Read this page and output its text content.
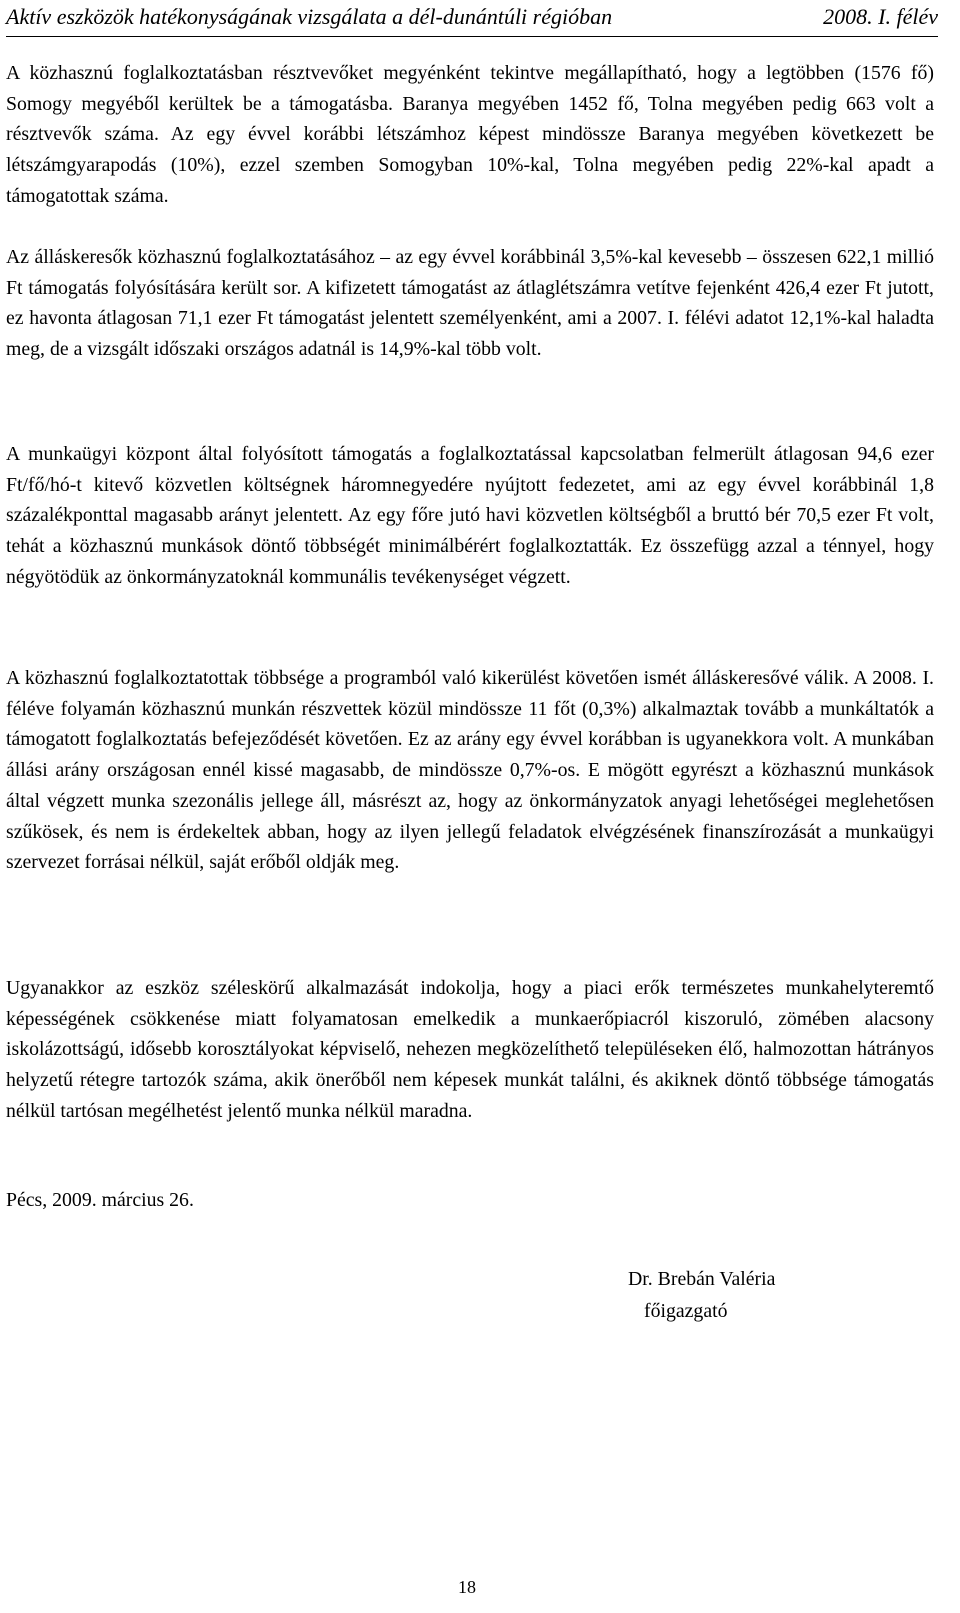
Aktív eszközök hatékonyságának vizsgálata a dél-dunántúli régióban	2008. I. félév

A közhasznú foglalkoztatásban résztvevőket megyénként tekintve megállapítható, hogy a legtöbben (1576 fő) Somogy megyéből kerültek be a támogatásba. Baranya megyében 1452 fő, Tolna megyében pedig 663 volt a résztvevők száma. Az egy évvel korábbi létszámhoz képest mindössze Baranya megyében következett be létszámgyarapodás (10%), ezzel szemben Somogyban 10%-kal, Tolna megyében pedig 22%-kal apadt a támogatottak száma.

Az álláskeresők közhasznú foglalkoztatásához – az egy évvel korábbinál 3,5%-kal kevesebb – összesen 622,1 millió Ft támogatás folyósítására került sor. A kifizetett támogatást az átlaglétszámra vetítve fejenként 426,4 ezer Ft jutott, ez havonta átlagosan 71,1 ezer Ft támogatást jelentett személyenként, ami a 2007. I. félévi adatot 12,1%-kal haladta meg, de a vizsgált időszaki országos adatnál is 14,9%-kal több volt.

A munkaügyi központ által folyósított támogatás a foglalkoztatással kapcsolatban felmerült átlagosan 94,6 ezer Ft/fő/hó-t kitevő közvetlen költségnek háromnegyedére nyújtott fedezetet, ami az egy évvel korábbinál 1,8 százalékponttal magasabb arányt jelentett. Az egy főre jutó havi közvetlen költségből a bruttó bér 70,5 ezer Ft volt, tehát a közhasznú munkások döntő többségét minimálbérért foglalkoztatták. Ez összefügg azzal a ténnyel, hogy négyötödük az önkormányzatoknál kommunális tevékenységet végzett.

A közhasznú foglalkoztatottak többsége a programból való kikerülést követően ismét álláskeresővé válik. A 2008. I. féléve folyamán közhasznú munkán részvettek közül mindössze 11 főt (0,3%) alkalmaztak tovább a munkáltatók a támogatott foglalkoztatás befejeződését követően. Ez az arány egy évvel korábban is ugyanekkora volt. A munkában állási arány országosan ennél kissé magasabb, de mindössze 0,7%-os. E mögött egyrészt a közhasznú munkások által végzett munka szezonális jellege áll, másrészt az, hogy az önkormányzatok anyagi lehetőségei meglehetősen szűkösek, és nem is érdekeltek abban, hogy az ilyen jellegű feladatok elvégzésének finanszírozását a munkaügyi szervezet forrásai nélkül, saját erőből oldják meg.

Ugyanakkor az eszköz széleskörű alkalmazását indokolja, hogy a piaci erők természetes munkahelyteremtő képességének csökkenése miatt folyamatosan emelkedik a munkaerőpiacról kiszoruló, zömében alacsony iskolázottságú, idősebb korosztályokat képviselő, nehezen megközelíthető településeken élő, halmozottan hátrányos helyzetű rétegre tartozók száma, akik önerőből nem képesek munkát találni, és akiknek döntő többsége támogatás nélkül tartósan megélhetést jelentő munka nélkül maradna.

Pécs, 2009. március 26.

Dr. Brebán Valéria
főigazgató
18
